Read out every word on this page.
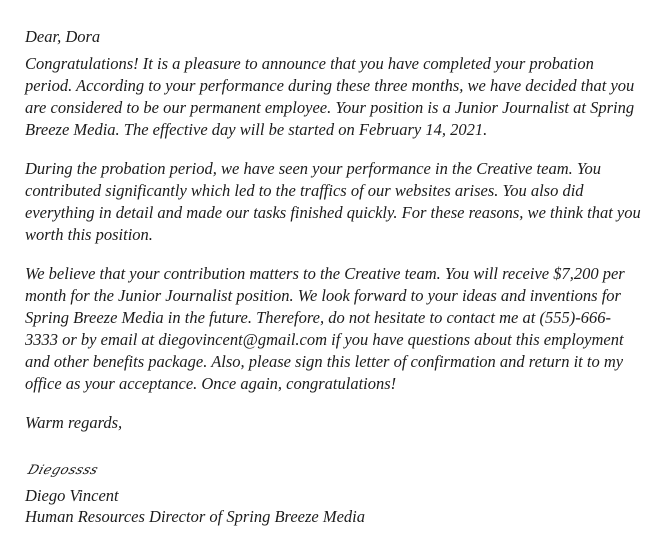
Dear, Dora

Congratulations! It is a pleasure to announce that you have completed your probation period. According to your performance during these three months, we have decided that you are considered to be our permanent employee. Your position is a Junior Journalist at Spring Breeze Media. The effective day will be started on February 14, 2021.

During the probation period, we have seen your performance in the Creative team. You contributed significantly which led to the traffics of our websites arises. You also did everything in detail and made our tasks finished quickly. For these reasons, we think that you worth this position.

We believe that your contribution matters to the Creative team. You will receive $7,200 per month for the Junior Journalist position. We look forward to your ideas and inventions for Spring Breeze Media in the future. Therefore, do not hesitate to contact me at (555)-666-3333 or by email at diegovincent@gmail.com if you have questions about this employment and other benefits package. Also, please sign this letter of confirmation and return it to my office as your acceptance. Once again, congratulations!

Warm regards,

Diegossss

Diego Vincent

Human Resources Director of Spring Breeze Media
